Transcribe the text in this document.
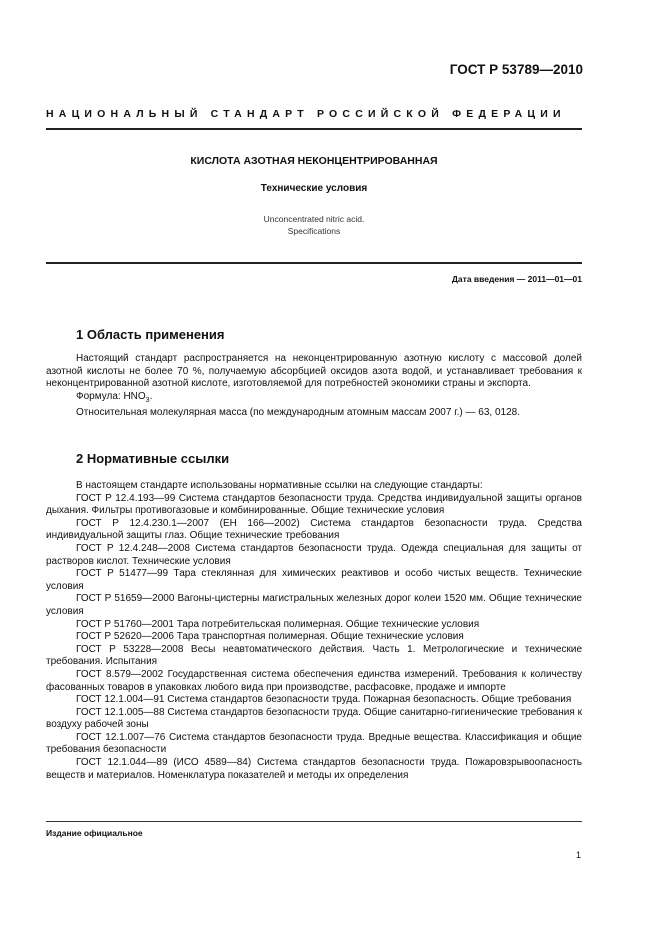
ГОСТ Р 53789—2010
НАЦИОНАЛЬНЫЙ СТАНДАРТ РОССИЙСКОЙ ФЕДЕРАЦИИ
КИСЛОТА АЗОТНАЯ НЕКОНЦЕНТРИРОВАННАЯ
Технические условия
Unconcentrated nitric acid.
Specifications
Дата введения — 2011—01—01
1 Область применения

Настоящий стандарт распространяется на неконцентрированную азотную кислоту с массовой долей азотной кислоты не более 70 %, получаемую абсорбцией оксидов азота водой, и устанавливает требования к неконцентрированной азотной кислоте, изготовляемой для потребностей экономики страны и экспорта.

Формула: $HNO_3$.

Относительная молекулярная масса (по международным атомным массам 2007 г.) — 63, 0128.

2 Нормативные ссылки

В настоящем стандарте использованы нормативные ссылки на следующие стандарты:

ГОСТ Р 12.4.193—99 Система стандартов безопасности труда. Средства индивидуальной защиты органов дыхания. Фильтры противогазовые и комбинированные. Общие технические условия

ГОСТ Р 12.4.230.1—2007 (ЕН 166—2002) Система стандартов безопасности труда. Средства индивидуальной защиты глаз. Общие технические требования

ГОСТ Р 12.4.248—2008 Система стандартов безопасности труда. Одежда специальная для защиты от растворов кислот. Технические условия

ГОСТ Р 51477—99 Тара стеклянная для химических реактивов и особо чистых веществ. Технические условия

ГОСТ Р 51659—2000 Вагоны-цистерны магистральных железных дорог колеи 1520 мм. Общие технические условия

ГОСТ Р 51760—2001 Тара потребительская полимерная. Общие технические условия

ГОСТ Р 52620—2006 Тара транспортная полимерная. Общие технические условия

ГОСТ Р 53228—2008 Весы неавтоматического действия. Часть 1. Метрологические и технические требования. Испытания

ГОСТ 8.579—2002 Государственная система обеспечения единства измерений. Требования к количеству фасованных товаров в упаковках любого вида при производстве, расфасовке, продаже и импорте

ГОСТ 12.1.004—91 Система стандартов безопасности труда. Пожарная безопасность. Общие требования

ГОСТ 12.1.005—88 Система стандартов безопасности труда. Общие санитарно-гигиенические требования к воздуху рабочей зоны

ГОСТ 12.1.007—76 Система стандартов безопасности труда. Вредные вещества. Классификация и общие требования безопасности

ГОСТ 12.1.044—89 (ИСО 4589—84) Система стандартов безопасности труда. Пожаровзрывоопасность веществ и материалов. Номенклатура показателей и методы их определения

Издание официальное
1
